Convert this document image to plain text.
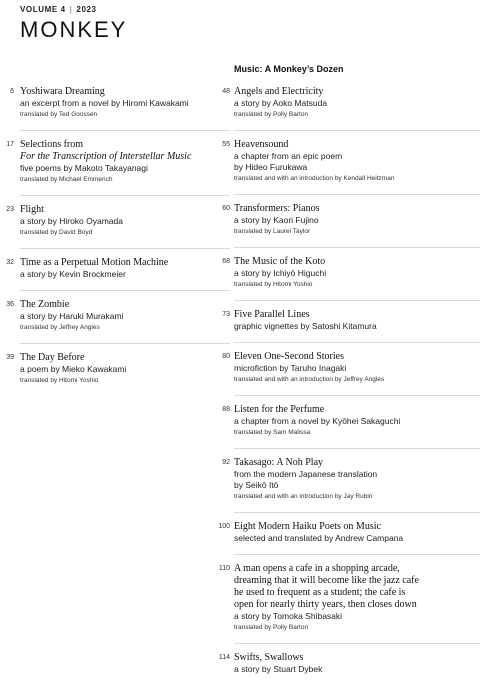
VOLUME 4 | 2023
MONKEY
6 Yoshiwara Dreaming
an excerpt from a novel by Hiromi Kawakami
translated by Ted Goossen
17 Selections from
For the Transcription of Interstellar Music
five poems by Makoto Takayanagi
translated by Michael Emmerich
23 Flight
a story by Hiroko Oyamada
translated by David Boyd
32 Time as a Perpetual Motion Machine
a story by Kevin Brockmeier
36 The Zombie
a story by Haruki Murakami
translated by Jeffrey Angles
39 The Day Before
a poem by Mieko Kawakami
translated by Hitomi Yoshio
Music: A Monkey’s Dozen
48 Angels and Electricity
a story by Aoko Matsuda
translated by Polly Barton
55 Heavensound
a chapter from an epic poem
by Hideo Furukawa
translated and with an introduction by Kendall Heitzman
60 Transformers: Pianos
a story by Kaori Fujino
translated by Laurel Taylor
68 The Music of the Koto
a story by Ichiyō Higuchi
translated by Hitomi Yoshio
73 Five Parallel Lines
graphic vignettes by Satoshi Kitamura
80 Eleven One-Second Stories
microfiction by Taruho Inagaki
translated and with an introduction by Jeffrey Angles
88 Listen for the Perfume
a chapter from a novel by Kyōhei Sakaguchi
translated by Sam Malissa
92 Takasago: A Noh Play
from the modern Japanese translation
by Seikō Itō
translated and with an introduction by Jay Rubin
100 Eight Modern Haiku Poets on Music
selected and translated by Andrew Campana
110 A man opens a cafe in a shopping arcade,
dreaming that it will become like the jazz cafe
he used to frequent as a student; the cafe is
open for nearly thirty years, then closes down
a story by Tomoka Shibasaki
translated by Polly Barton
114 Swifts, Swallows
a story by Stuart Dybek
